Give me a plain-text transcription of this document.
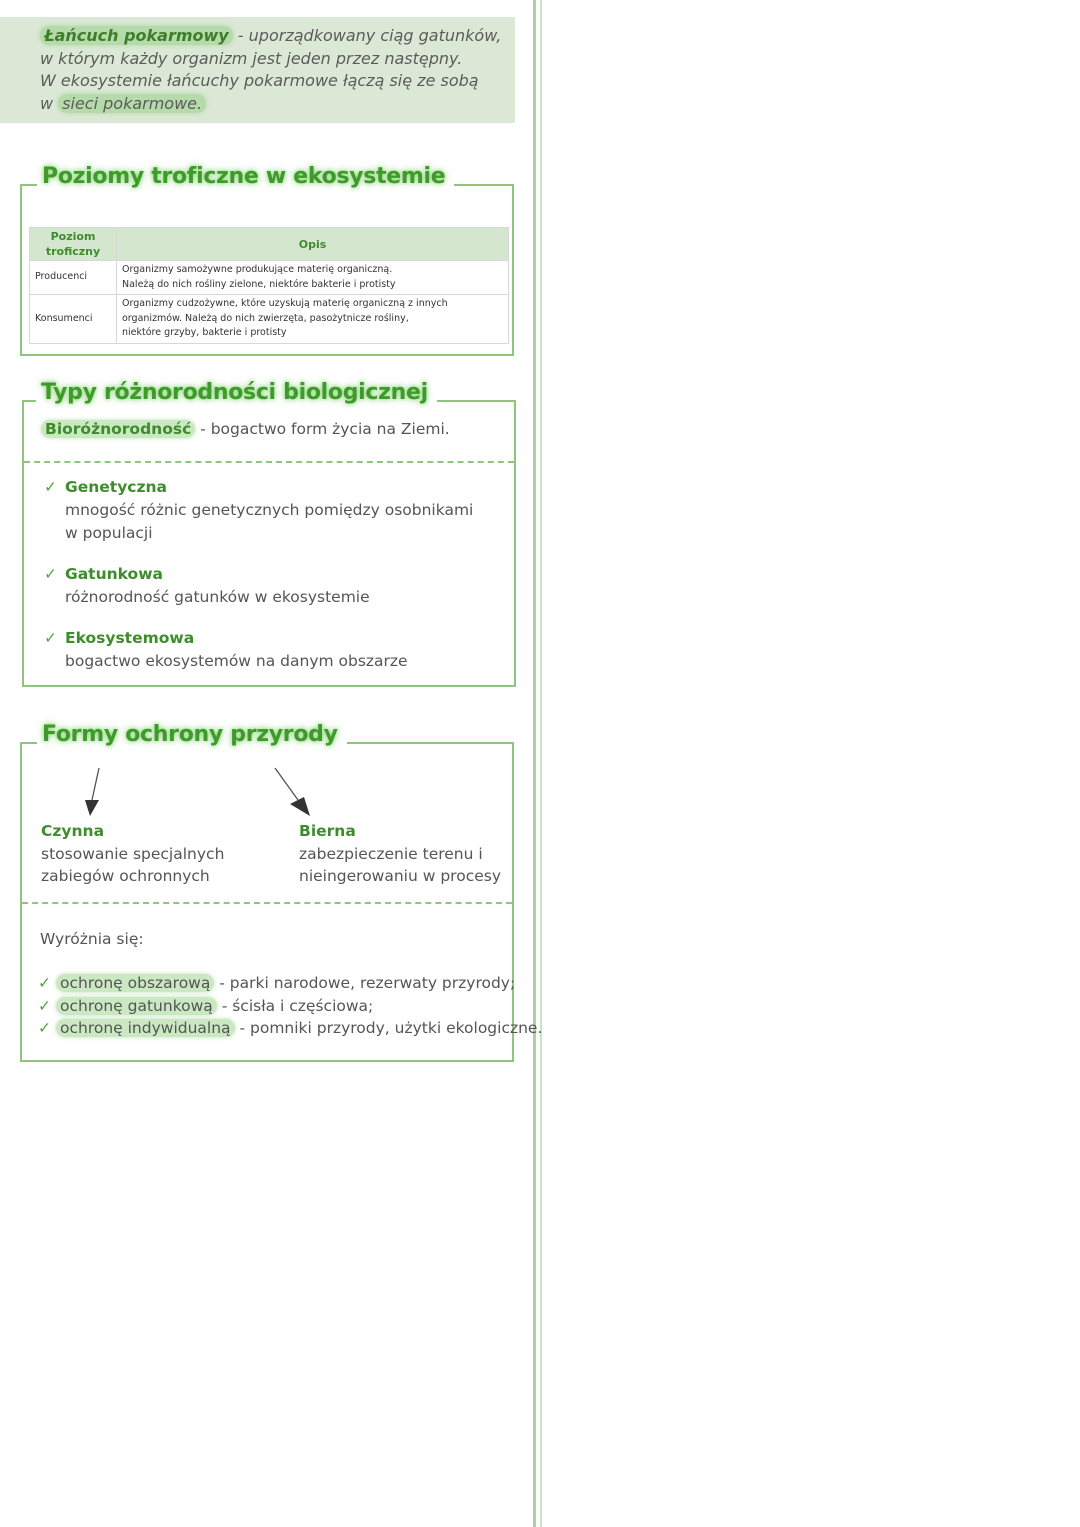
Łańcuch pokarmowy - uporządkowany ciąg gatunków,

w którym każdy organizm jest jeden przez następny.

W ekosystemie łańcuchy pokarmowe łączą się ze sobą

w sieci pokarmowe.

Poziomy troficzne w ekosystemie
Poziom
troficzny	Opis
Producenci	Organizmy samożywne produkujące materię organiczną.
Należą do nich rośliny zielone, niektóre bakterie i protisty

Konsumenci	Organizmy cudzożywne, które uzyskują materię organiczną z innych
organizmów. Należą do nich zwierzęta, pasożytnicze rośliny,
niektóre grzyby, bakterie i protisty
Typy różnorodności biologicznej
Bioróżnorodność - bogactwo form życia na Ziemi.
✓ Genetyczna
mnogość różnic genetycznych pomiędzy osobnikami
w populacji
✓ Gatunkowa
różnorodność gatunków w ekosystemie
✓ Ekosystemowa
bogactwo ekosystemów na danym obszarze
Formy ochrony przyrody
Czynna
stosowanie specjalnych
zabiegów ochronnych
Bierna
zabezpieczenie terenu i
nieingerowaniu w procesy
Wyróżnia się:
✓ ochronę obszarową - parki narodowe, rezerwaty przyrody;
✓ ochronę gatunkową - ścisła i częściowa;
✓ ochronę indywidualną - pomniki przyrody, użytki ekologiczne.
